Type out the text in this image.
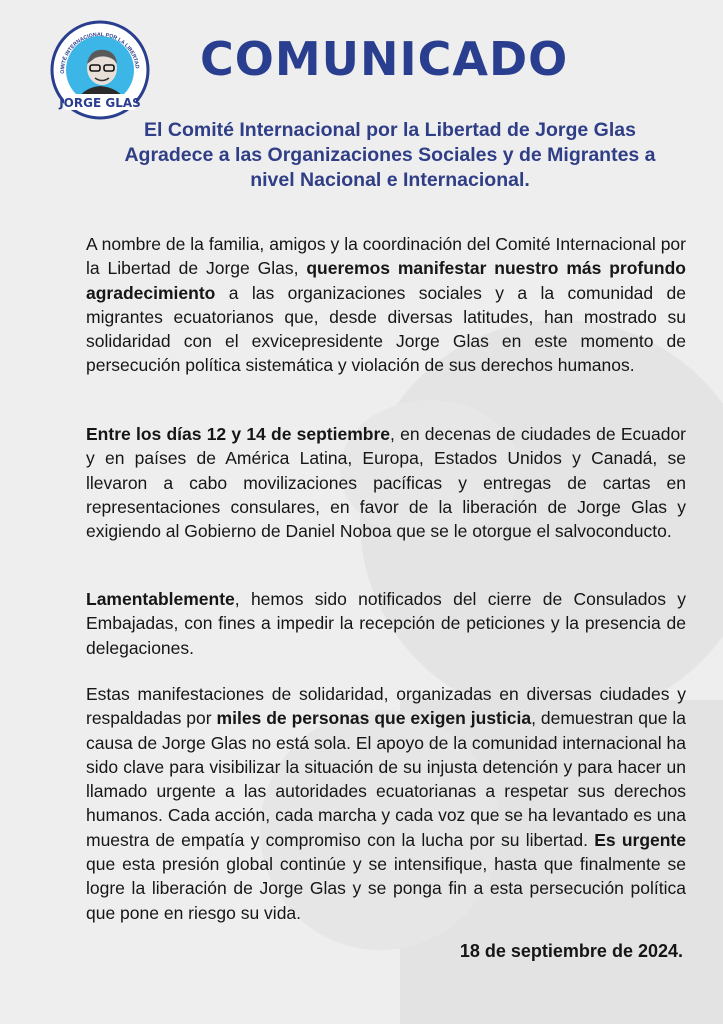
OMITÉ INTERNACIONAL POR LA LIBERTAD
JORGE GLAS
COMUNICADO

El Comité Internacional por la Libertad de Jorge Glas Agradece a las Organizaciones Sociales y de Migrantes a nivel Nacional e Internacional.

A nombre de la familia, amigos y la coordinación del Comité Internacional por la Libertad de Jorge Glas, queremos manifestar nuestro más profundo agradecimiento a las organizaciones sociales y a la comunidad de migrantes ecuatorianos que, desde diversas latitudes, han mostrado su solidaridad con el exvicepresidente Jorge Glas en este momento de persecución política sistemática y violación de sus derechos humanos.

Entre los días 12 y 14 de septiembre, en decenas de ciudades de Ecuador y en países de América Latina, Europa, Estados Unidos y Canadá, se llevaron a cabo movilizaciones pacíficas y entregas de cartas en representaciones consulares, en favor de la liberación de Jorge Glas y exigiendo al Gobierno de Daniel Noboa que se le otorgue el salvoconducto.

Lamentablemente, hemos sido notificados del cierre de Consulados y Embajadas, con fines a impedir la recepción de peticiones y la presencia de delegaciones.

Estas manifestaciones de solidaridad, organizadas en diversas ciudades y respaldadas por miles de personas que exigen justicia, demuestran que la causa de Jorge Glas no está sola. El apoyo de la comunidad internacional ha sido clave para visibilizar la situación de su injusta detención y para hacer un llamado urgente a las autoridades ecuatorianas a respetar sus derechos humanos. Cada acción, cada marcha y cada voz que se ha levantado es una muestra de empatía y compromiso con la lucha por su libertad. Es urgente que esta presión global continúe y se intensifique, hasta que finalmente se logre la liberación de Jorge Glas y se ponga fin a esta persecución política que pone en riesgo su vida.

18 de septiembre de 2024.
